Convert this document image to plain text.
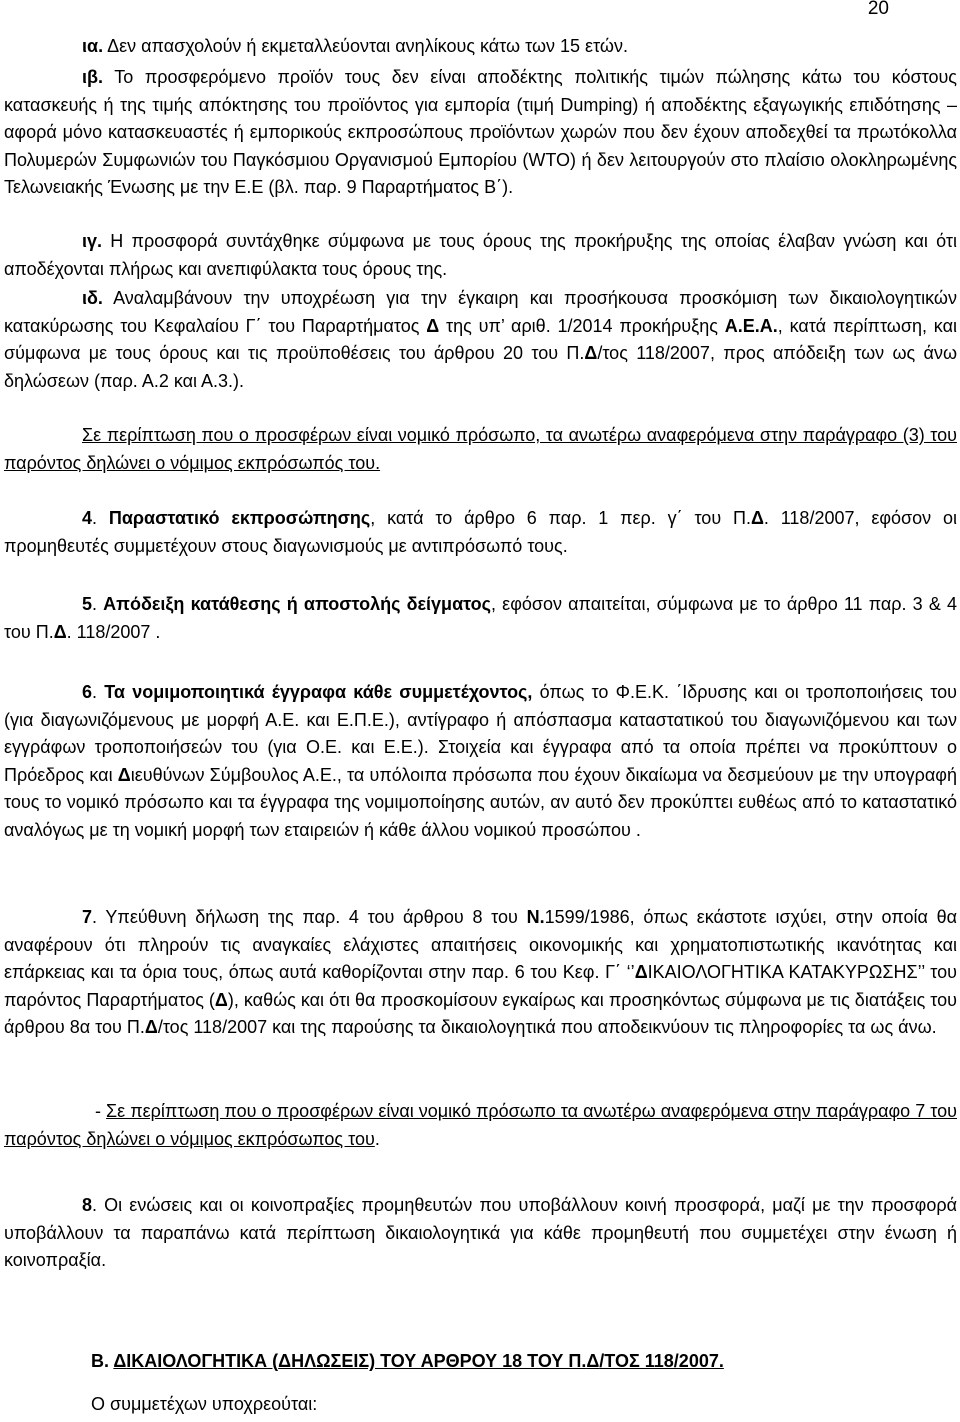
20

ια. Δεν απασχολούν ή εκμεταλλεύονται ανηλίκους κάτω των 15 ετών.

ιβ. Το προσφερόμενο προϊόν τους δεν είναι αποδέκτης πολιτικής τιμών πώλησης κάτω του κόστους κατασκευής ή της τιμής απόκτησης του προϊόντος για εμπορία (τιμή Dumping) ή αποδέκτης εξαγωγικής επιδότησης – αφορά μόνο κατασκευαστές ή εμπορικούς εκπροσώπους προϊόντων χωρών που δεν έχουν αποδεχθεί τα πρωτόκολλα Πολυμερών Συμφωνιών του Παγκόσμιου Οργανισμού Εμπορίου (WTO) ή δεν λειτουργούν στο πλαίσιο ολοκληρωμένης Τελωνειακής Ένωσης με την Ε.Ε (βλ. παρ. 9 Παραρτήματος Β΄).

ιγ. Η προσφορά συντάχθηκε σύμφωνα με τους όρους της προκήρυξης της οποίας έλαβαν γνώση και ότι αποδέχονται πλήρως και ανεπιφύλακτα τους όρους της.

ιδ. Αναλαμβάνουν την υποχρέωση για την έγκαιρη και προσήκουσα προσκόμιση των δικαιολογητικών κατακύρωσης του Κεφαλαίου Γ΄ του Παραρτήματος Δ της υπ’ αριθ. 1/2014 προκήρυξης Α.Ε.Α., κατά περίπτωση, και σύμφωνα με τους όρους και τις προϋποθέσεις του άρθρου 20 του Π.Δ/τος 118/2007, προς απόδειξη των ως άνω δηλώσεων (παρ. Α.2 και Α.3.).

Σε περίπτωση που ο προσφέρων είναι νομικό πρόσωπο, τα ανωτέρω αναφερόμενα στην παράγραφο (3) του παρόντος δηλώνει ο νόμιμος εκπρόσωπός του.

4. Παραστατικό εκπροσώπησης, κατά το άρθρο 6 παρ. 1 περ. γ΄ του Π.Δ. 118/2007, εφόσον οι προμηθευτές συμμετέχουν στους διαγωνισμούς με αντιπρόσωπό τους.

5. Απόδειξη κατάθεσης ή αποστολής δείγματος, εφόσον απαιτείται, σύμφωνα με το άρθρο 11 παρ. 3 & 4 του Π.Δ. 118/2007 .

6. Τα νομιμοποιητικά έγγραφα κάθε συμμετέχοντος, όπως το Φ.Ε.Κ. ΄Ιδρυσης και οι τροποποιήσεις του (για διαγωνιζόμενους με μορφή Α.Ε. και Ε.Π.Ε.), αντίγραφο ή απόσπασμα καταστατικού του διαγωνιζόμενου και των εγγράφων τροποποιήσεών του (για Ο.Ε. και Ε.Ε.). Στοιχεία και έγγραφα από τα οποία πρέπει να προκύπτουν ο Πρόεδρος και Διευθύνων Σύμβουλος Α.Ε., τα υπόλοιπα πρόσωπα που έχουν δικαίωμα να δεσμεύουν με την υπογραφή τους το νομικό πρόσωπο και τα έγγραφα της νομιμοποίησης αυτών, αν αυτό δεν προκύπτει ευθέως από το καταστατικό αναλόγως με τη νομική μορφή των εταιρειών ή κάθε άλλου νομικού προσώπου .

7. Υπεύθυνη δήλωση της παρ. 4 του άρθρου 8 του Ν.1599/1986, όπως εκάστοτε ισχύει, στην οποία θα αναφέρουν ότι πληρούν τις αναγκαίες ελάχιστες απαιτήσεις οικονομικής και χρηματοπιστωτικής ικανότητας και επάρκειας και τα όρια τους, όπως αυτά καθορίζονται στην παρ. 6 του Κεφ. Γ΄ ‘’ΔΙΚΑΙΟΛΟΓΗΤΙΚΑ ΚΑΤΑΚΥΡΩΣΗΣ’’ του παρόντος Παραρτήματος (Δ), καθώς και ότι θα προσκομίσουν εγκαίρως και προσηκόντως σύμφωνα με τις διατάξεις του άρθρου 8α του Π.Δ/τος 118/2007 και της παρούσης τα δικαιολογητικά που αποδεικνύουν τις πληροφορίες τα ως άνω.

- Σε περίπτωση που ο προσφέρων είναι νομικό πρόσωπο τα ανωτέρω αναφερόμενα στην παράγραφο 7 του παρόντος δηλώνει ο νόμιμος εκπρόσωπος του.

8. Οι ενώσεις και οι κοινοπραξίες προμηθευτών που υποβάλλουν κοινή προσφορά, μαζί με την προσφορά υποβάλλουν τα παραπάνω κατά περίπτωση δικαιολογητικά για κάθε προμηθευτή που συμμετέχει στην ένωση ή κοινοπραξία.

Β. ΔΙΚΑΙΟΛΟΓΗΤΙΚΑ (ΔΗΛΩΣΕΙΣ) ΤΟΥ ΑΡΘΡΟΥ 18 ΤΟΥ Π.Δ/ΤΟΣ 118/2007.

Ο συμμετέχων υποχρεούται:
